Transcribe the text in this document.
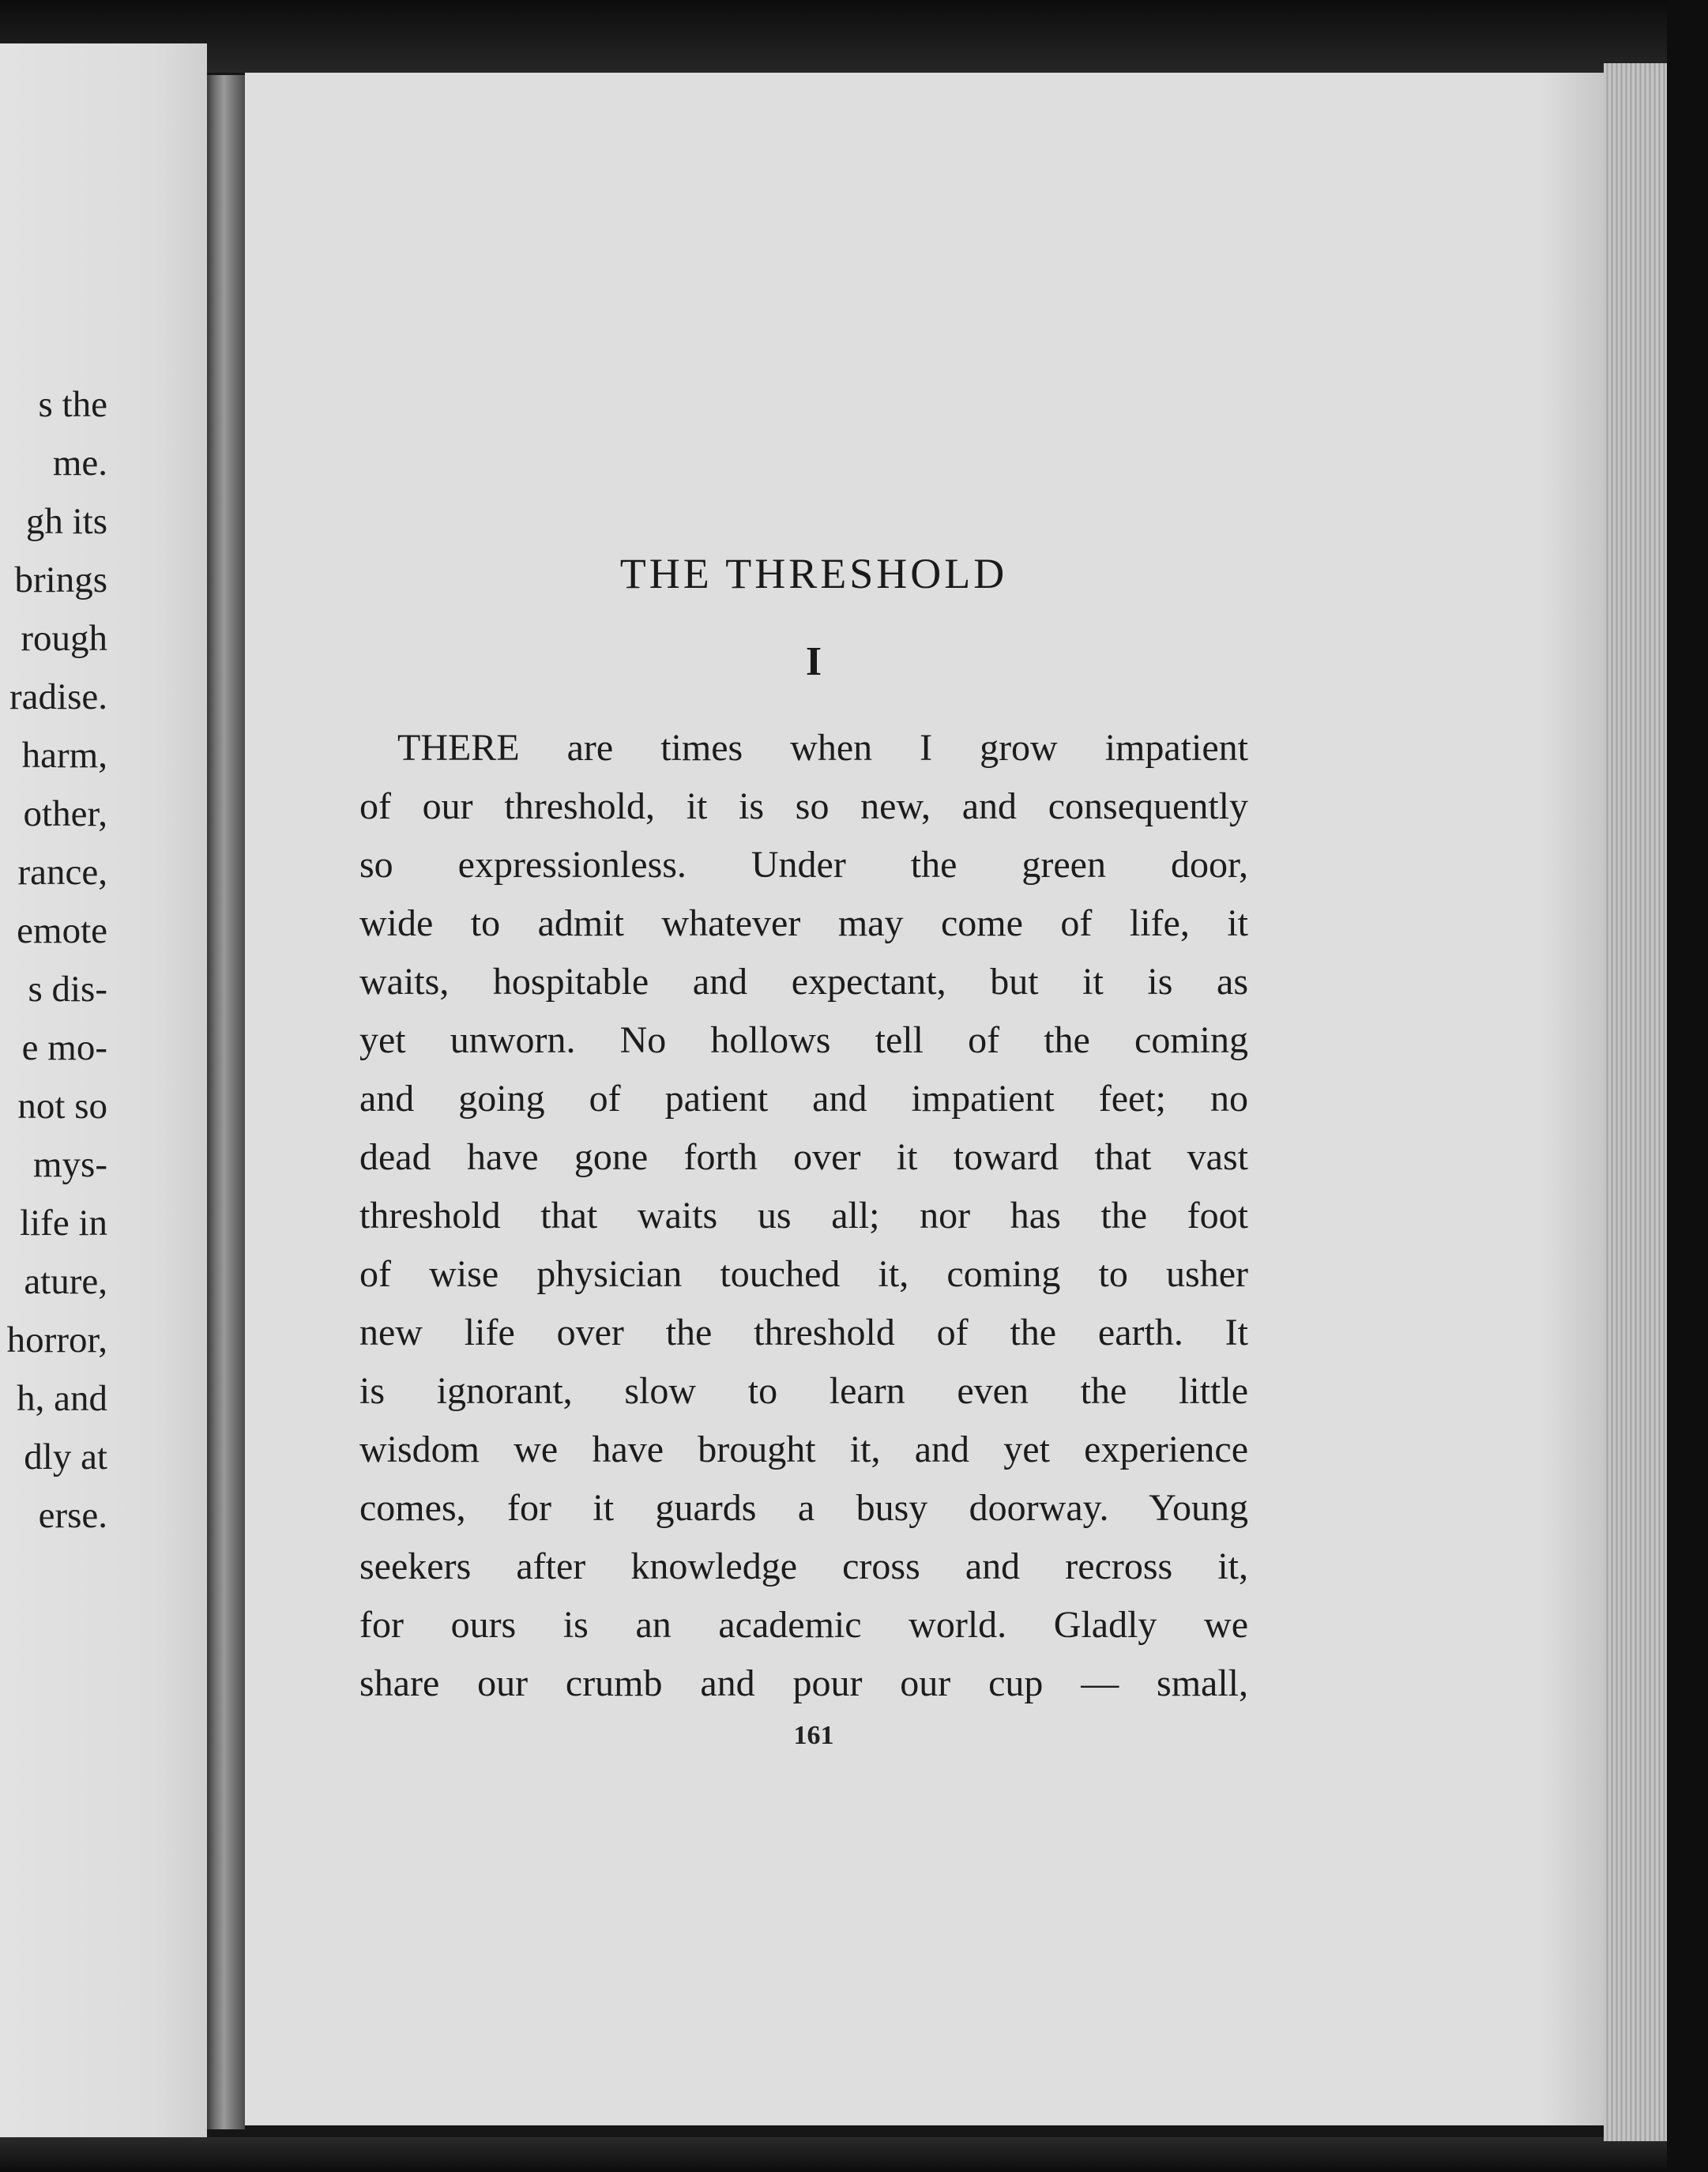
s the
me.
gh its
brings
rough
radise.
harm,
other,
rance,
emote
s dis-
e mo-
not so
mys-
life in
ature,
horror,
h, and
dly at
erse.
THE THRESHOLD
I
THERE are times when I grow impatient
of our threshold, it is so new, and consequently
so expressionless. Under the green door,
wide to admit whatever may come of life, it
waits, hospitable and expectant, but it is as
yet unworn. No hollows tell of the coming
and going of patient and impatient feet; no
dead have gone forth over it toward that vast
threshold that waits us all; nor has the foot
of wise physician touched it, coming to usher
new life over the threshold of the earth. It
is ignorant, slow to learn even the little
wisdom we have brought it, and yet experience
comes, for it guards a busy doorway. Young
seekers after knowledge cross and recross it,
for ours is an academic world. Gladly we
share our crumb and pour our cup — small,
161
